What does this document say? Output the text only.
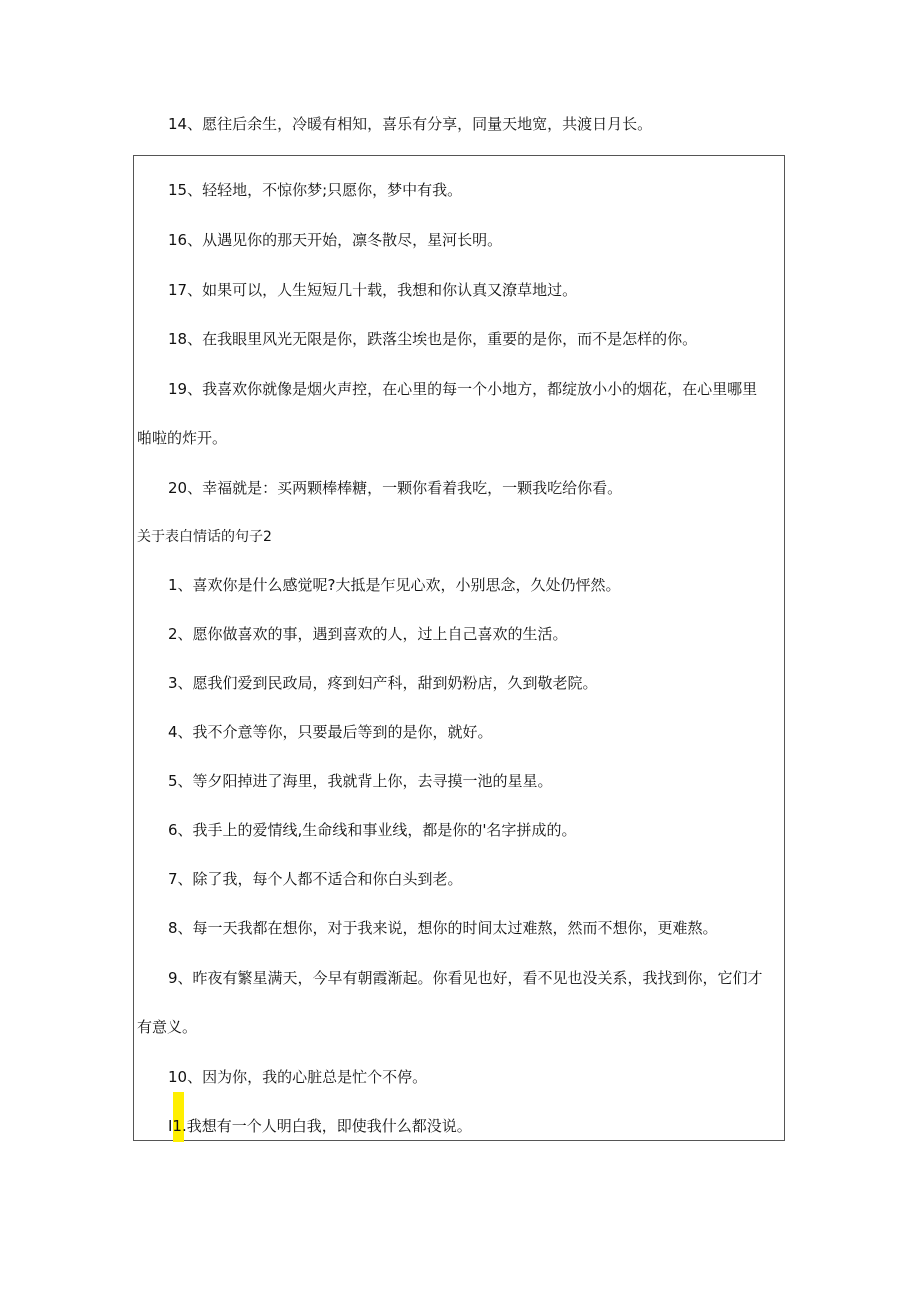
14、愿往后余生，冷暖有相知，喜乐有分享，同量天地宽，共渡日月长。
15、轻轻地，不惊你梦;只愿你，梦中有我。
16、从遇见你的那天开始，凛冬散尽，星河长明。
17、如果可以，人生短短几十载，我想和你认真又潦草地过。
18、在我眼里风光无限是你，跌落尘埃也是你，重要的是你，而不是怎样的你。
19、我喜欢你就像是烟火声控，在心里的每一个小地方，都绽放小小的烟花，在心里哪里
啪啦的炸开。
20、幸福就是：买两颗棒棒糖，一颗你看着我吃，一颗我吃给你看。
关于表白情话的句子2
1、喜欢你是什么感觉呢?大抵是乍见心欢，小别思念，久处仍怦然。
2、愿你做喜欢的事，遇到喜欢的人，过上自己喜欢的生活。
3、愿我们爱到民政局，疼到妇产科，甜到奶粉店，久到敬老院。
4、我不介意等你，只要最后等到的是你，就好。
5、等夕阳掉进了海里，我就背上你，去寻摸一池的星星。
6、我手上的爱情线,生命线和事业线，都是你的'名字拼成的。
7、除了我，每个人都不适合和你白头到老。
8、每一天我都在想你，对于我来说，想你的时间太过难熬，然而不想你，更难熬。
9、昨夜有繁星满天，今早有朝霞渐起。你看见也好，看不见也没关系，我找到你，它们才
有意义。
10、因为你，我的心脏总是忙个不停。
I1.我想有一个人明白我，即使我什么都没说。
